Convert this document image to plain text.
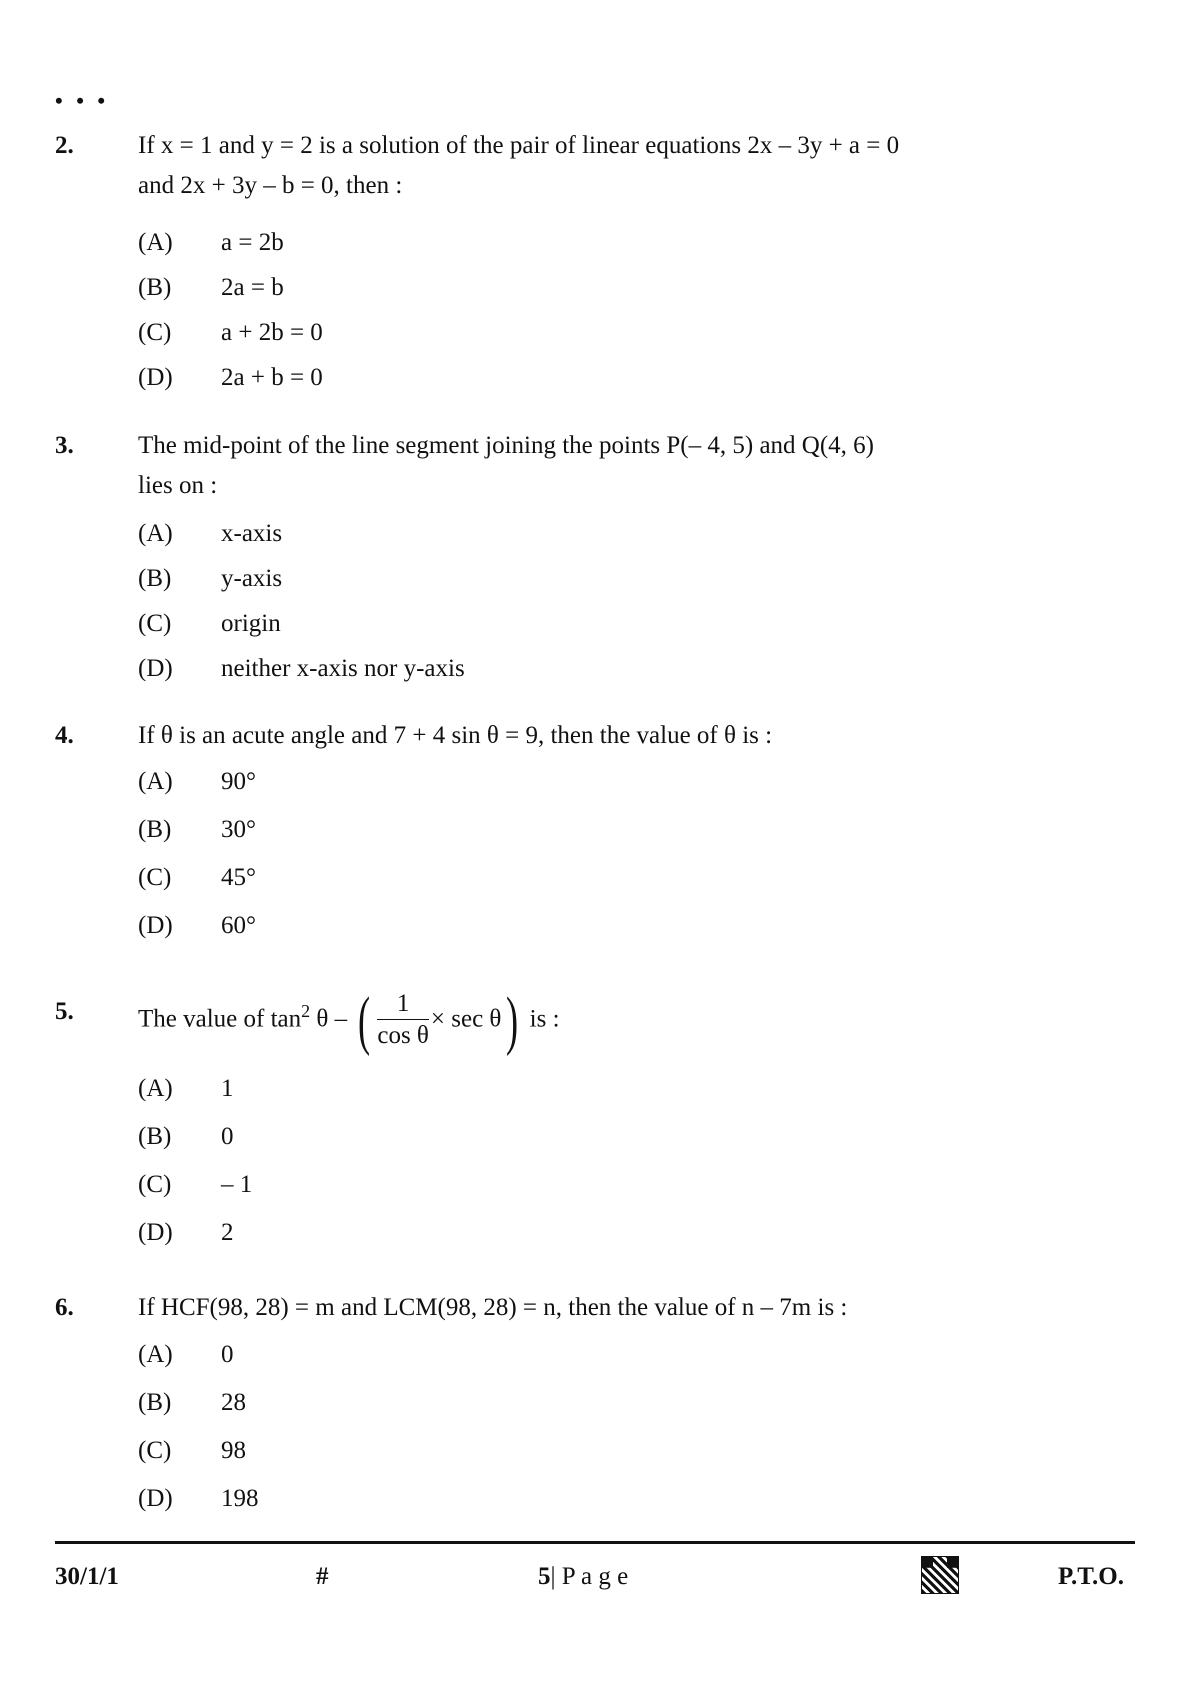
• • •
2.	If x = 1 and y = 2 is a solution of the pair of linear equations 2x – 3y + a = 0
and 2x + 3y – b = 0, then :
(A) a = 2b
(B) 2a = b
(C) a + 2b = 0
(D) 2a + b = 0
3.	The mid-point of the line segment joining the points P(– 4, 5) and Q(4, 6)
lies on :
(A) x-axis
(B) y-axis
(C) origin
(D) neither x-axis nor y-axis
4.	If θ is an acute angle and 7 + 4 sin θ = 9, then the value of θ is :
(A) 90°
(B) 30°
(C) 45°
(D) 60°
5.	The value of $\tan^2 \theta$ – ( $\frac{1}{\text{cos θ}} \times \sec \theta$) is :
(A) 1
(B) 0
(C) – 1
(D) 2
6.	If HCF(98, 28) = m and LCM(98, 28) = n, then the value of n – 7m is :
(A) 0
(B) 28
(C) 98
(D) 198
30/1/1	#	5| P a g e	P.T.O.
